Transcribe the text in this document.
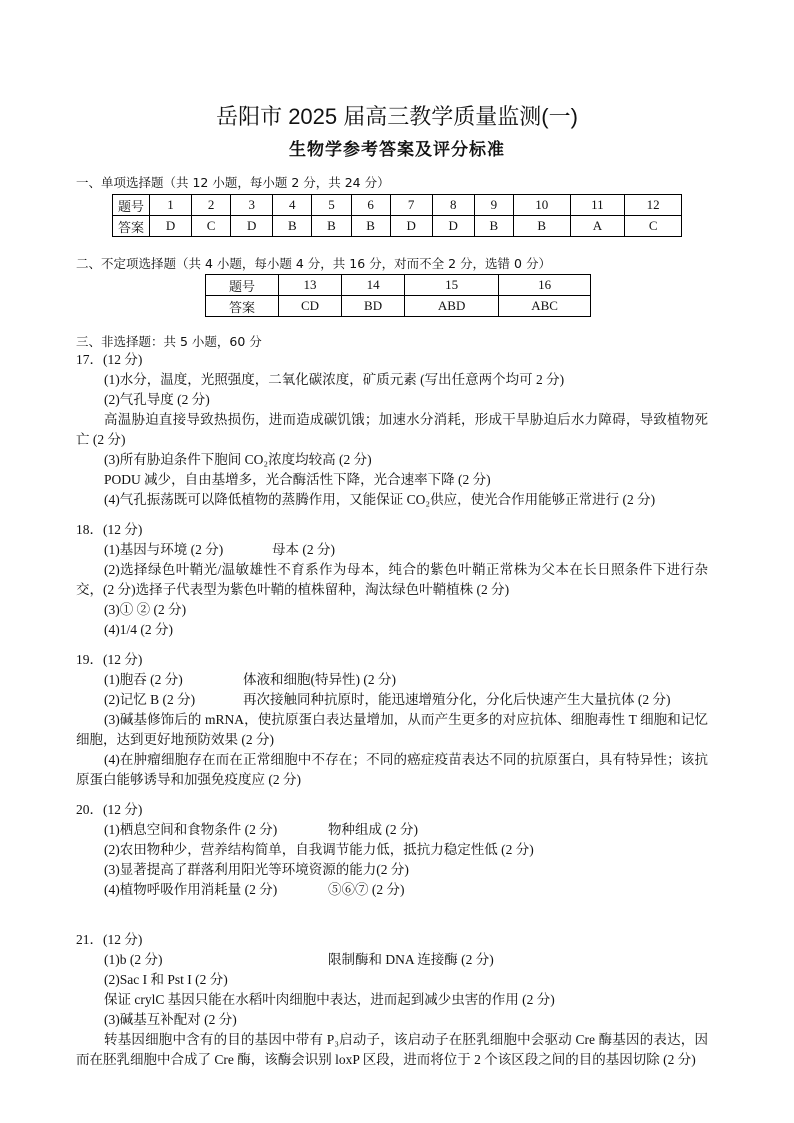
岳阳市 2025 届高三教学质量监测(一)
生物学参考答案及评分标准
一、单项选择题（共 12 小题，每小题 2 分，共 24 分）
题号	1	2	3	4	5	6	7	8	9	10	11	12
答案	D	C	D	B	B	B	D	D	B	B	A	C
二、不定项选择题（共 4 小题，每小题 4 分，共 16 分，对而不全 2 分，选错 0 分）
题号	13	14	15	16
答案	CD	BD	ABD	ABC
三、非选择题：共 5 小题，60 分
17．(12 分)
(1)水分，温度，光照强度，二氧化碳浓度，矿质元素 (写出任意两个均可 2 分)
(2)气孔导度 (2 分)
高温胁迫直接导致热损伤，进而造成碳饥饿；加速水分消耗，形成干旱胁迫后水力障碍，导致植物死亡 (2 分)
(3)所有胁迫条件下胞间 CO₂浓度均较高 (2 分)
PODU 减少，自由基增多，光合酶活性下降，光合速率下降 (2 分)
(4)气孔振荡既可以降低植物的蒸腾作用，又能保证 CO₂供应，使光合作用能够正常进行 (2 分)
18．(12 分)
(1)基因与环境 (2 分)	母本 (2 分)
(2)选择绿色叶鞘光/温敏雄性不育系作为母本，纯合的紫色叶鞘正常株为父本在长日照条件下进行杂交，(2 分)选择子代表型为紫色叶鞘的植株留种，淘汰绿色叶鞘植株 (2 分)
(3)① ② (2 分)
(4)1/4 (2 分)
19．(12 分)
(1)胞吞 (2 分)	体液和细胞(特异性) (2 分)
(2)记忆 B (2 分)	再次接触同种抗原时，能迅速增殖分化，分化后快速产生大量抗体 (2 分)
(3)碱基修饰后的 mRNA，使抗原蛋白表达量增加，从而产生更多的对应抗体、细胞毒性 T 细胞和记忆细胞，达到更好地预防效果 (2 分)
(4)在肿瘤细胞存在而在正常细胞中不存在；不同的癌症疫苗表达不同的抗原蛋白，具有特异性；该抗原蛋白能够诱导和加强免疫度应 (2 分)
20．(12 分)
(1)栖息空间和食物条件 (2 分)	物种组成 (2 分)
(2)农田物种少，营养结构简单，自我调节能力低，抵抗力稳定性低 (2 分)
(3)显著提高了群落利用阳光等环境资源的能力(2 分)
(4)植物呼吸作用消耗量 (2 分)	⑤⑥⑦ (2 分)
21．(12 分)
(1)b (2 分)	限制酶和 DNA 连接酶 (2 分)
(2)Sac I 和 Pst I (2 分)
保证 crylC 基因只能在水稻叶肉细胞中表达，进而起到减少虫害的作用 (2 分)
(3)碱基互补配对 (2 分)
转基因细胞中含有的目的基因中带有 P₃启动子，该启动子在胚乳细胞中会驱动 Cre 酶基因的表达，因而在胚乳细胞中合成了 Cre 酶，该酶会识别 loxP 区段，进而将位于 2 个该区段之间的目的基因切除 (2 分)
